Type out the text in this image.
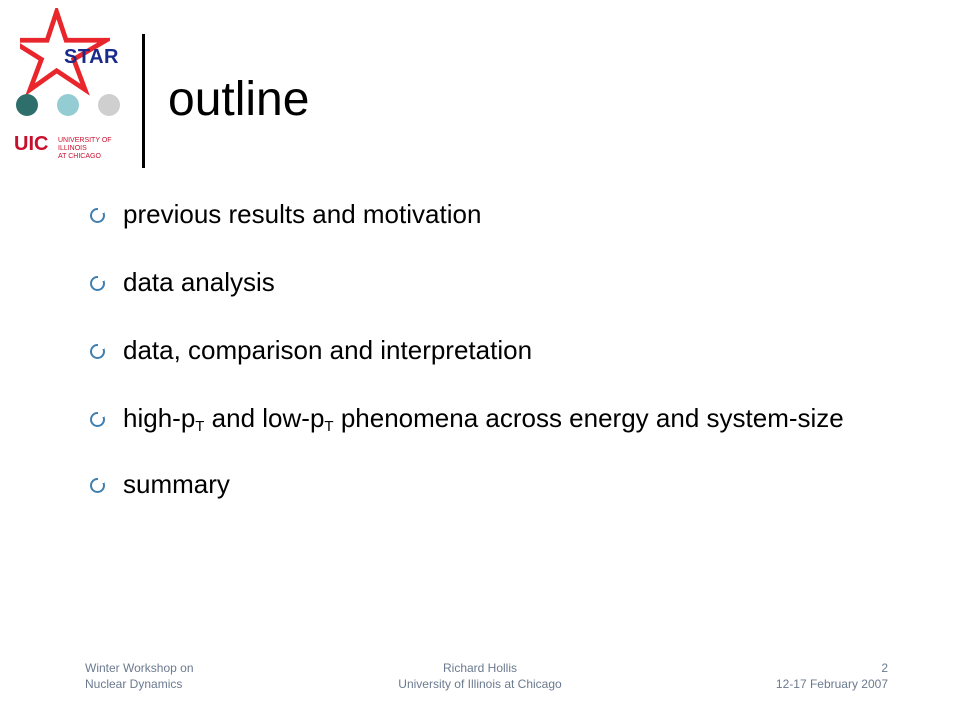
STAR
UIC UNIVERSITY OF ILLINOIS
AT CHICAGO
outline
previous results and motivation
data analysis
data, comparison and interpretation
high-$p_T$ and low-$p_T$ phenomena across energy and system-size
summary
Winter Workshop on
Nuclear Dynamics
Richard Hollis
University of Illinois at Chicago
2
12-17 February 2007
